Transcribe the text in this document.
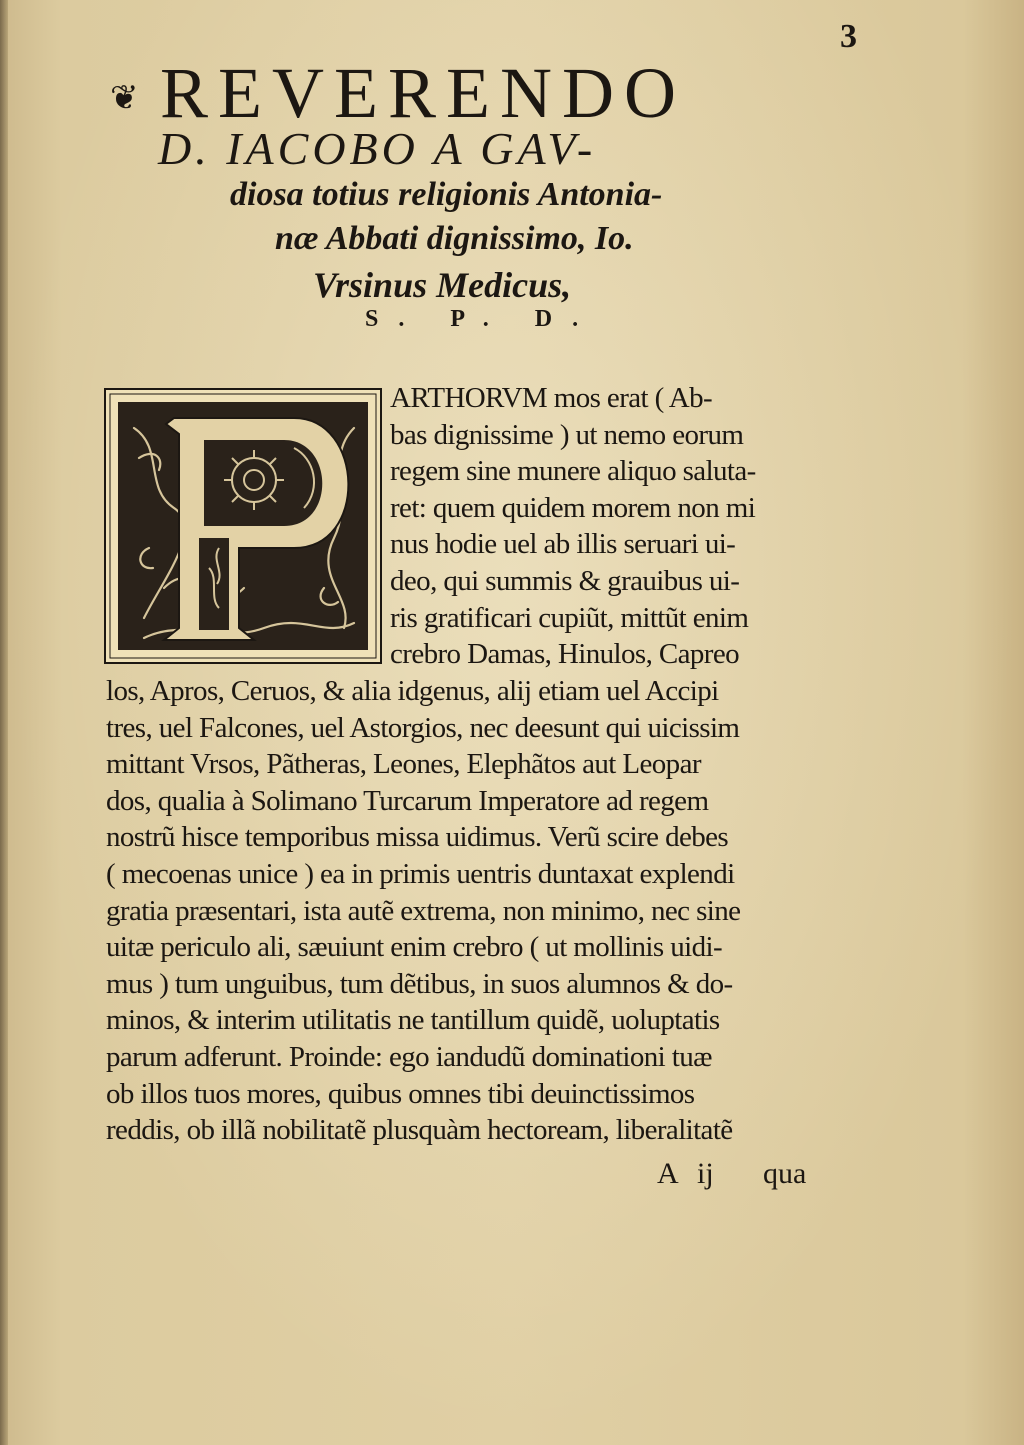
3
❦ REVERENDO
D. IACOBO A GAV-
diosa totius religionis Antonia-
næ Abbati dignissimo, Io.
Vrsinus Medicus,
S. P. D.
ARTHORVM mos erat ( Ab-
bas dignissime ) ut nemo eorum
regem sine munere aliquo saluta-
ret: quem quidem morem non mi
nus hodie uel ab illis seruari ui-
deo, qui summis & grauibus ui-
ris gratificari cupiũt, mittũt enim
crebro Damas, Hinulos, Capreo
los, Apros, Ceruos, & alia idgenus, alij etiam uel Accipi
tres, uel Falcones, uel Astorgios, nec deesunt qui uicissim
mittant Vrsos, Pãtheras, Leones, Elephãtos aut Leopar
dos, qualia à Solimano Turcarum Imperatore ad regem
nostrũ hisce temporibus missa uidimus. Verũ scire debes
( mecoenas unice ) ea in primis uentris duntaxat explendi
gratia præsentari, ista autẽ extrema, non minimo, nec sine
uitæ periculo ali, sæuiunt enim crebro ( ut mollinis uidi-
mus ) tum unguibus, tum dẽtibus, in suos alumnos & do-
minos, & interim utilitatis ne tantillum quidẽ, uoluptatis
parum adferunt. Proinde: ego iandudũ dominationi tuæ
ob illos tuos mores, quibus omnes tibi deuinctissimos
reddis, ob illã nobilitatẽ plusquàm hectoream, liberalitatẽ
A ij qua
